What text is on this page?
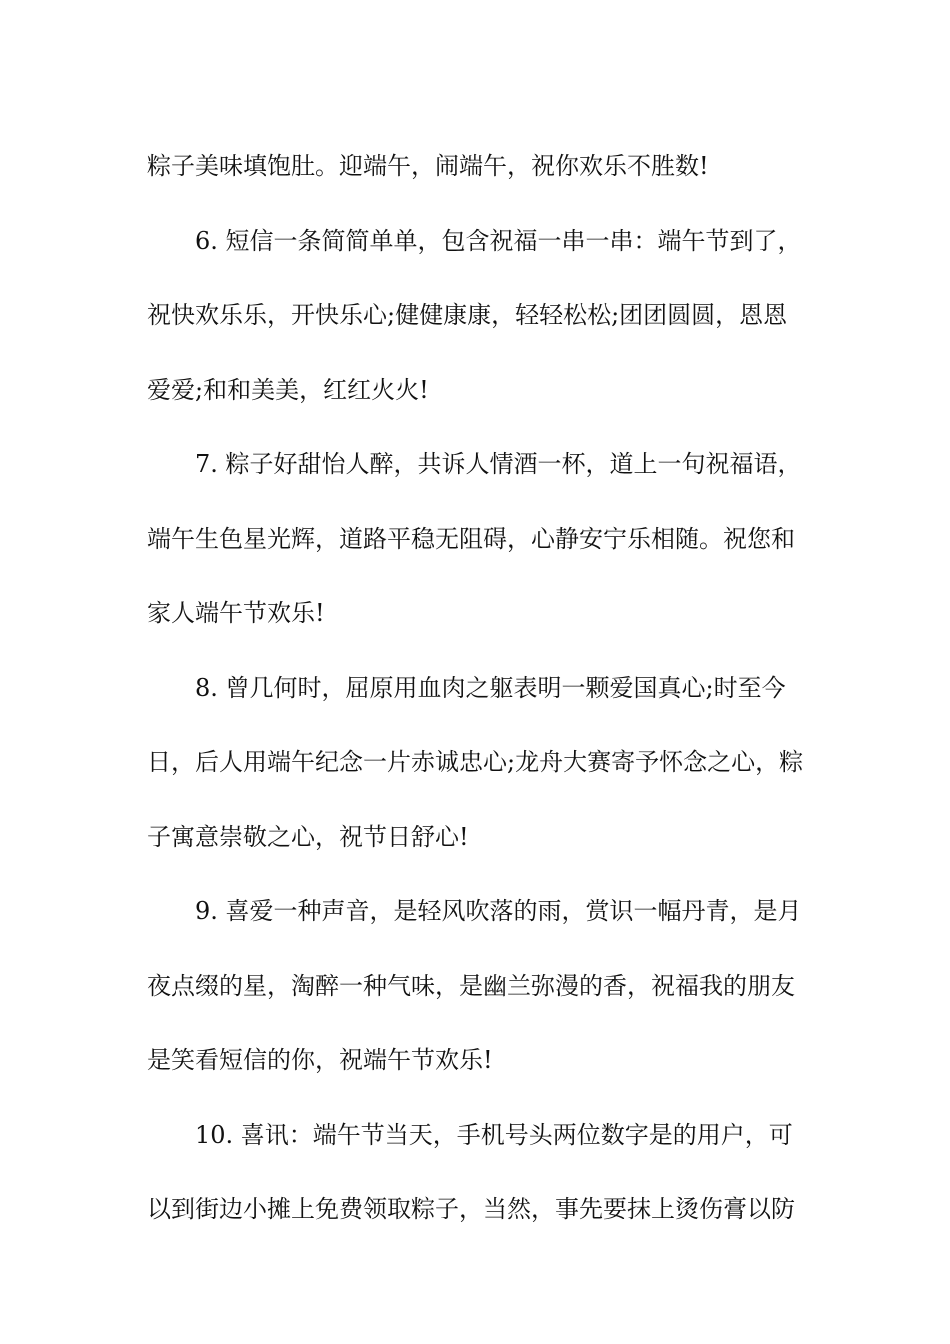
粽子美味填饱肚。迎端午，闹端午，祝你欢乐不胜数!
6. 短信一条简简单单，包含祝福一串一串：端午节到了，
祝快欢乐乐，开快乐心;健健康康，轻轻松松;团团圆圆，恩恩
爱爱;和和美美，红红火火!
7. 粽子好甜怡人醉，共诉人情酒一杯，道上一句祝福语，
端午生色星光辉，道路平稳无阻碍，心静安宁乐相随。祝您和
家人端午节欢乐!
8. 曾几何时，屈原用血肉之躯表明一颗爱国真心;时至今
日，后人用端午纪念一片赤诚忠心;龙舟大赛寄予怀念之心，粽
子寓意崇敬之心，祝节日舒心!
9. 喜爱一种声音，是轻风吹落的雨，赏识一幅丹青，是月
夜点缀的星，淘醉一种气味，是幽兰弥漫的香，祝福我的朋友
是笑看短信的你，祝端午节欢乐!
10. 喜讯：端午节当天，手机号头两位数字是的用户，可
以到街边小摊上免费领取粽子，当然，事先要抹上烫伤膏以防
